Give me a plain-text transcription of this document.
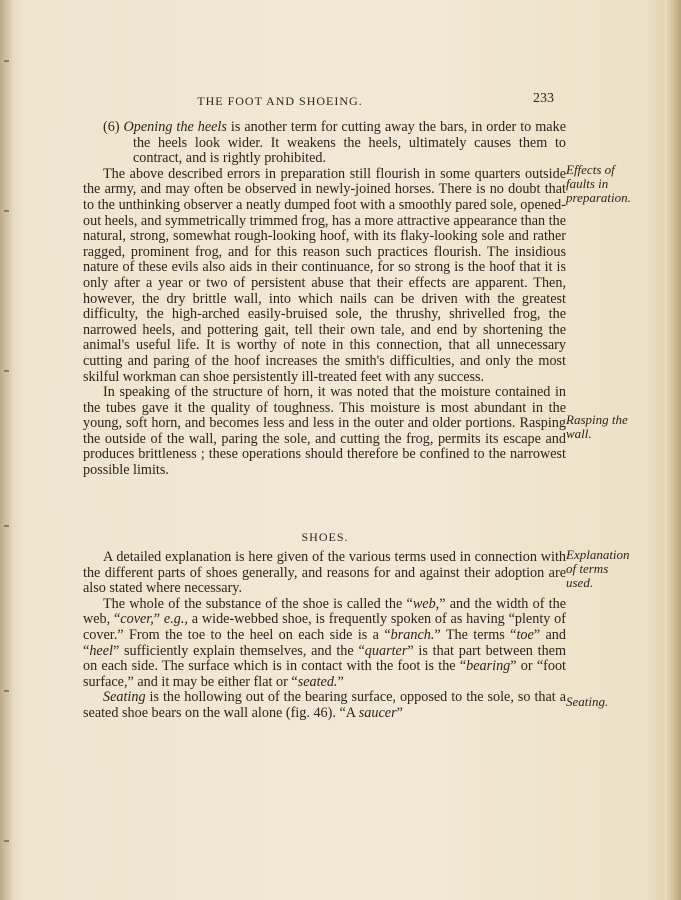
THE FOOT AND SHOEING.	233

(6) Opening the heels is another term for cutting away the bars, in order to make the heels look wider. It weakens the heels, ultimately causes them to contract, and is rightly prohibited.

The above described errors in preparation still flourish in some quarters outside the army, and may often be observed in newly-joined horses. There is no doubt that to the unthinking observer a neatly dumped foot with a smoothly pared sole, opened-out heels, and symmetrically trimmed frog, has a more attractive appearance than the natural, strong, somewhat rough-looking hoof, with its flaky-looking sole and rather ragged, prominent frog, and for this reason such practices flourish. The insidious nature of these evils also aids in their continuance, for so strong is the hoof that it is only after a year or two of persistent abuse that their effects are apparent. Then, however, the dry brittle wall, into which nails can be driven with the greatest difficulty, the high-arched easily-bruised sole, the thrushy, shrivelled frog, the narrowed heels, and pottering gait, tell their own tale, and end by shortening the animal's useful life. It is worthy of note in this connection, that all unnecessary cutting and paring of the hoof increases the smith's difficulties, and only the most skilful workman can shoe persistently ill-treated feet with any success.

In speaking of the structure of horn, it was noted that the moisture contained in the tubes gave it the quality of toughness. This moisture is most abundant in the young, soft horn, and becomes less and less in the outer and older portions. Rasping the outside of the wall, paring the sole, and cutting the frog, permits its escape and produces brittleness ; these operations should therefore be confined to the narrowest possible limits.

Effects of faults in preparation.
Rasping the wall.
SHOES.

A detailed explanation is here given of the various terms used in connection with the different parts of shoes generally, and reasons for and against their adoption are also stated where necessary.

The whole of the substance of the shoe is called the “web,” and the width of the web, “cover,” e.g., a wide-webbed shoe, is frequently spoken of as having “plenty of cover.” From the toe to the heel on each side is a “branch.” The terms “toe” and “heel” sufficiently explain themselves, and the “quarter” is that part between them on each side. The surface which is in contact with the foot is the “bearing” or “foot surface,” and it may be either flat or “seated.”

Seating is the hollowing out of the bearing surface, opposed to the sole, so that a seated shoe bears on the wall alone (fig. 46). “A saucer”

Explanation of terms used.
Seating.
